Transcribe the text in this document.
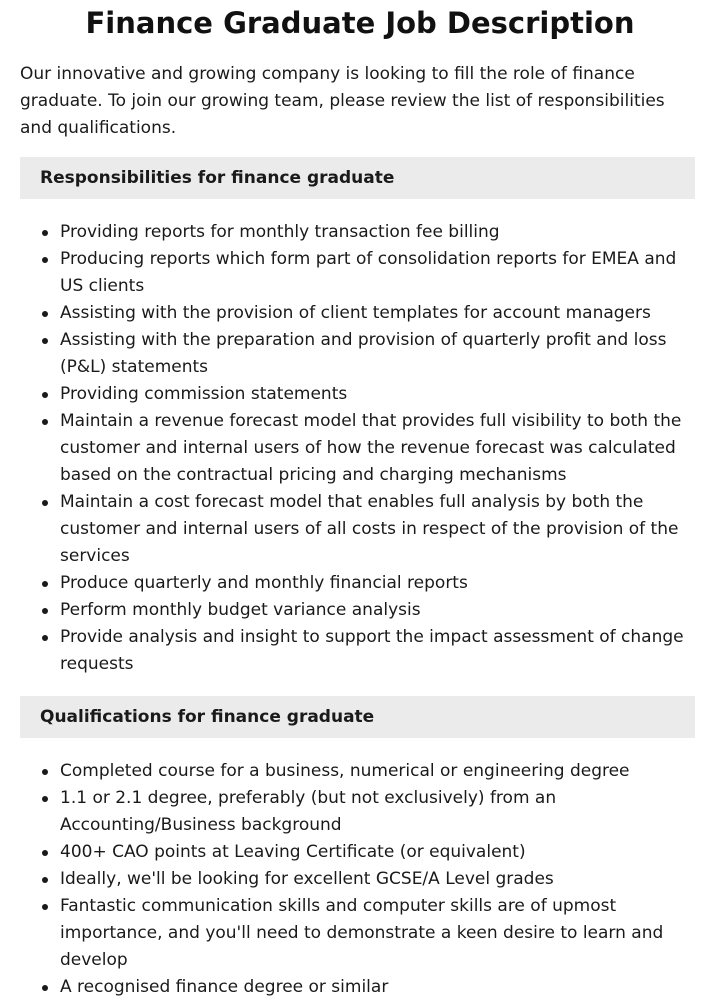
Finance Graduate Job Description

Our innovative and growing company is looking to fill the role of finance graduate. To join our growing team, please review the list of responsibilities and qualifications.

Responsibilities for finance graduate
Providing reports for monthly transaction fee billing
Producing reports which form part of consolidation reports for EMEA and US clients
Assisting with the provision of client templates for account managers
Assisting with the preparation and provision of quarterly profit and loss (P&L) statements
Providing commission statements
Maintain a revenue forecast model that provides full visibility to both the customer and internal users of how the revenue forecast was calculated based on the contractual pricing and charging mechanisms
Maintain a cost forecast model that enables full analysis by both the customer and internal users of all costs in respect of the provision of the services
Produce quarterly and monthly financial reports
Perform monthly budget variance analysis
Provide analysis and insight to support the impact assessment of change requests
Qualifications for finance graduate
Completed course for a business, numerical or engineering degree
1.1 or 2.1 degree, preferably (but not exclusively) from an Accounting/Business background
400+ CAO points at Leaving Certificate (or equivalent)
Ideally, we'll be looking for excellent GCSE/A Level grades
Fantastic communication skills and computer skills are of upmost importance, and you'll need to demonstrate a keen desire to learn and develop
A recognised finance degree or similar
